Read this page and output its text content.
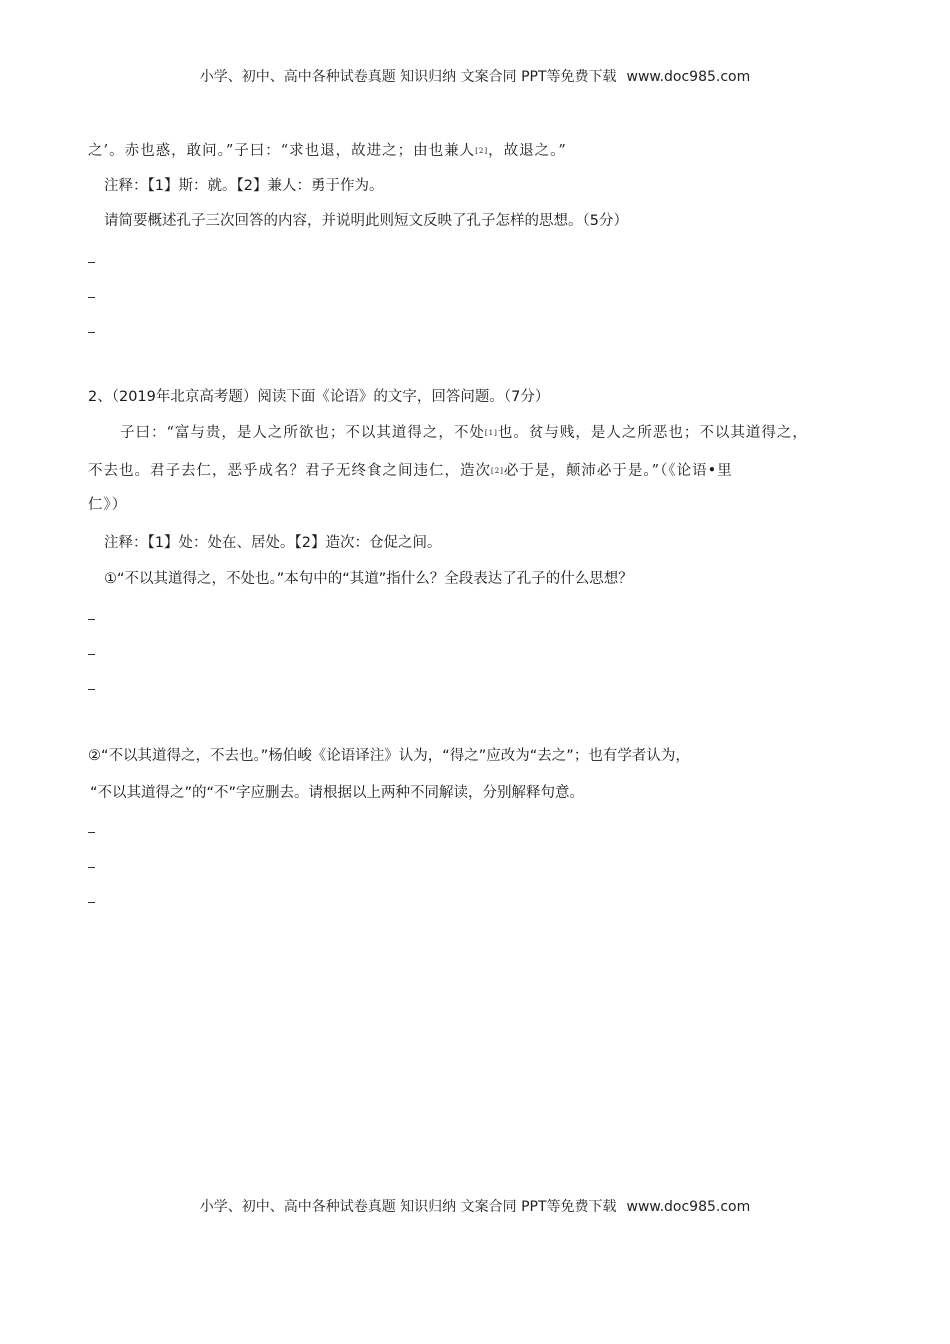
小学、初中、高中各种试卷真题 知识归纳 文案合同 PPT等免费下载 www.doc985.com
之’。赤也惑，敢问。”子曰：“求也退，故进之；由也兼人[2]，故退之。”
注释：【1】斯：就。【2】兼人：勇于作为。
请简要概述孔子三次回答的内容，并说明此则短文反映了孔子怎样的思想。（5分）
2、（2019年北京高考题）阅读下面《论语》的文字，回答问题。（7分）
子曰：“富与贵，是人之所欲也；不以其道得之，不处[1]也。贫与贱，是人之所恶也；不以其道得之，
不去也。君子去仁，恶乎成名？君子无终食之间违仁，造次[2]必于是，颠沛必于是。”（《论语•里
仁》）
注释：【1】处：处在、居处。【2】造次：仓促之间。
①“不以其道得之，不处也。”本句中的“其道”指什么？全段表达了孔子的什么思想？
②“不以其道得之，不去也。”杨伯峻《论语译注》认为，“得之”应改为“去之”；也有学者认为，
“不以其道得之”的“不”字应删去。请根据以上两种不同解读，分别解释句意。
小学、初中、高中各种试卷真题 知识归纳 文案合同 PPT等免费下载 www.doc985.com
